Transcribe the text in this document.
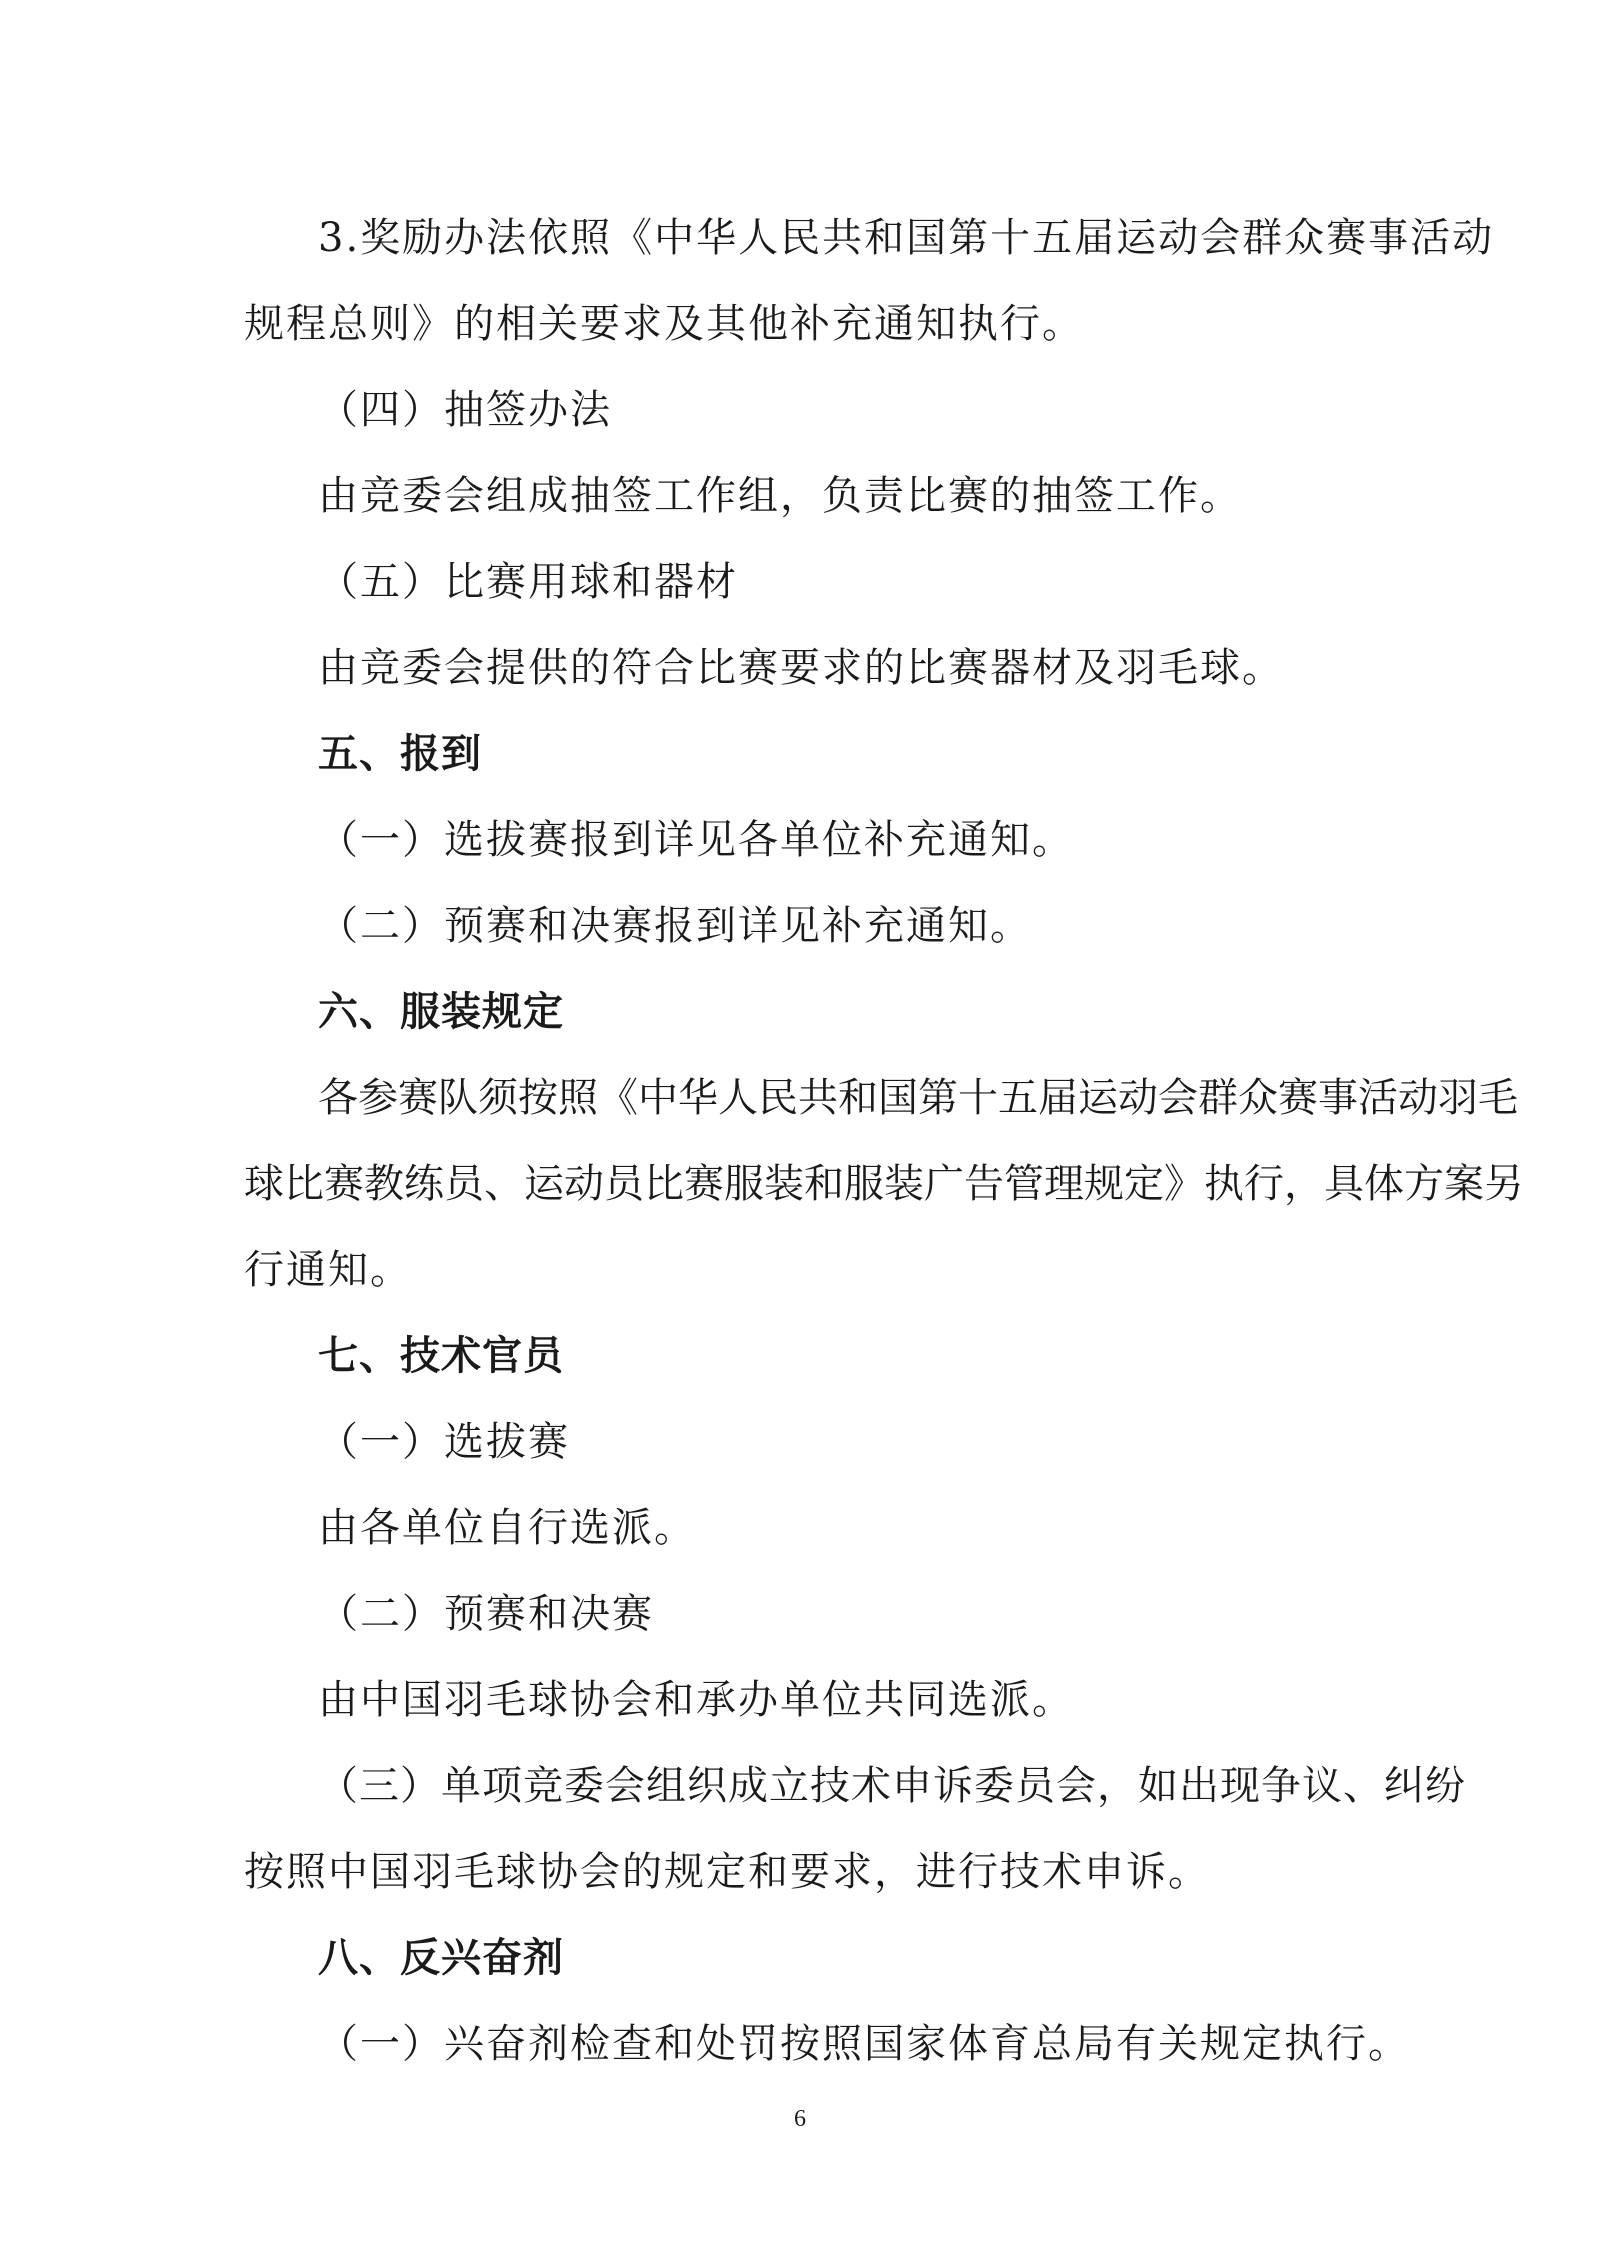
3.奖励办法依照《中华人民共和国第十五届运动会群众赛事活动
规程总则》的相关要求及其他补充通知执行。
（四）抽签办法
由竞委会组成抽签工作组，负责比赛的抽签工作。
（五）比赛用球和器材
由竞委会提供的符合比赛要求的比赛器材及羽毛球。
五、报到
（一）选拔赛报到详见各单位补充通知。
（二）预赛和决赛报到详见补充通知。
六、服装规定
各参赛队须按照《中华人民共和国第十五届运动会群众赛事活动羽毛
球比赛教练员、运动员比赛服装和服装广告管理规定》执行，具体方案另
行通知。
七、技术官员
（一）选拔赛
由各单位自行选派。
（二）预赛和决赛
由中国羽毛球协会和承办单位共同选派。
（三）单项竞委会组织成立技术申诉委员会，如出现争议、纠纷
按照中国羽毛球协会的规定和要求，进行技术申诉。
八、反兴奋剂
（一）兴奋剂检查和处罚按照国家体育总局有关规定执行。
6
